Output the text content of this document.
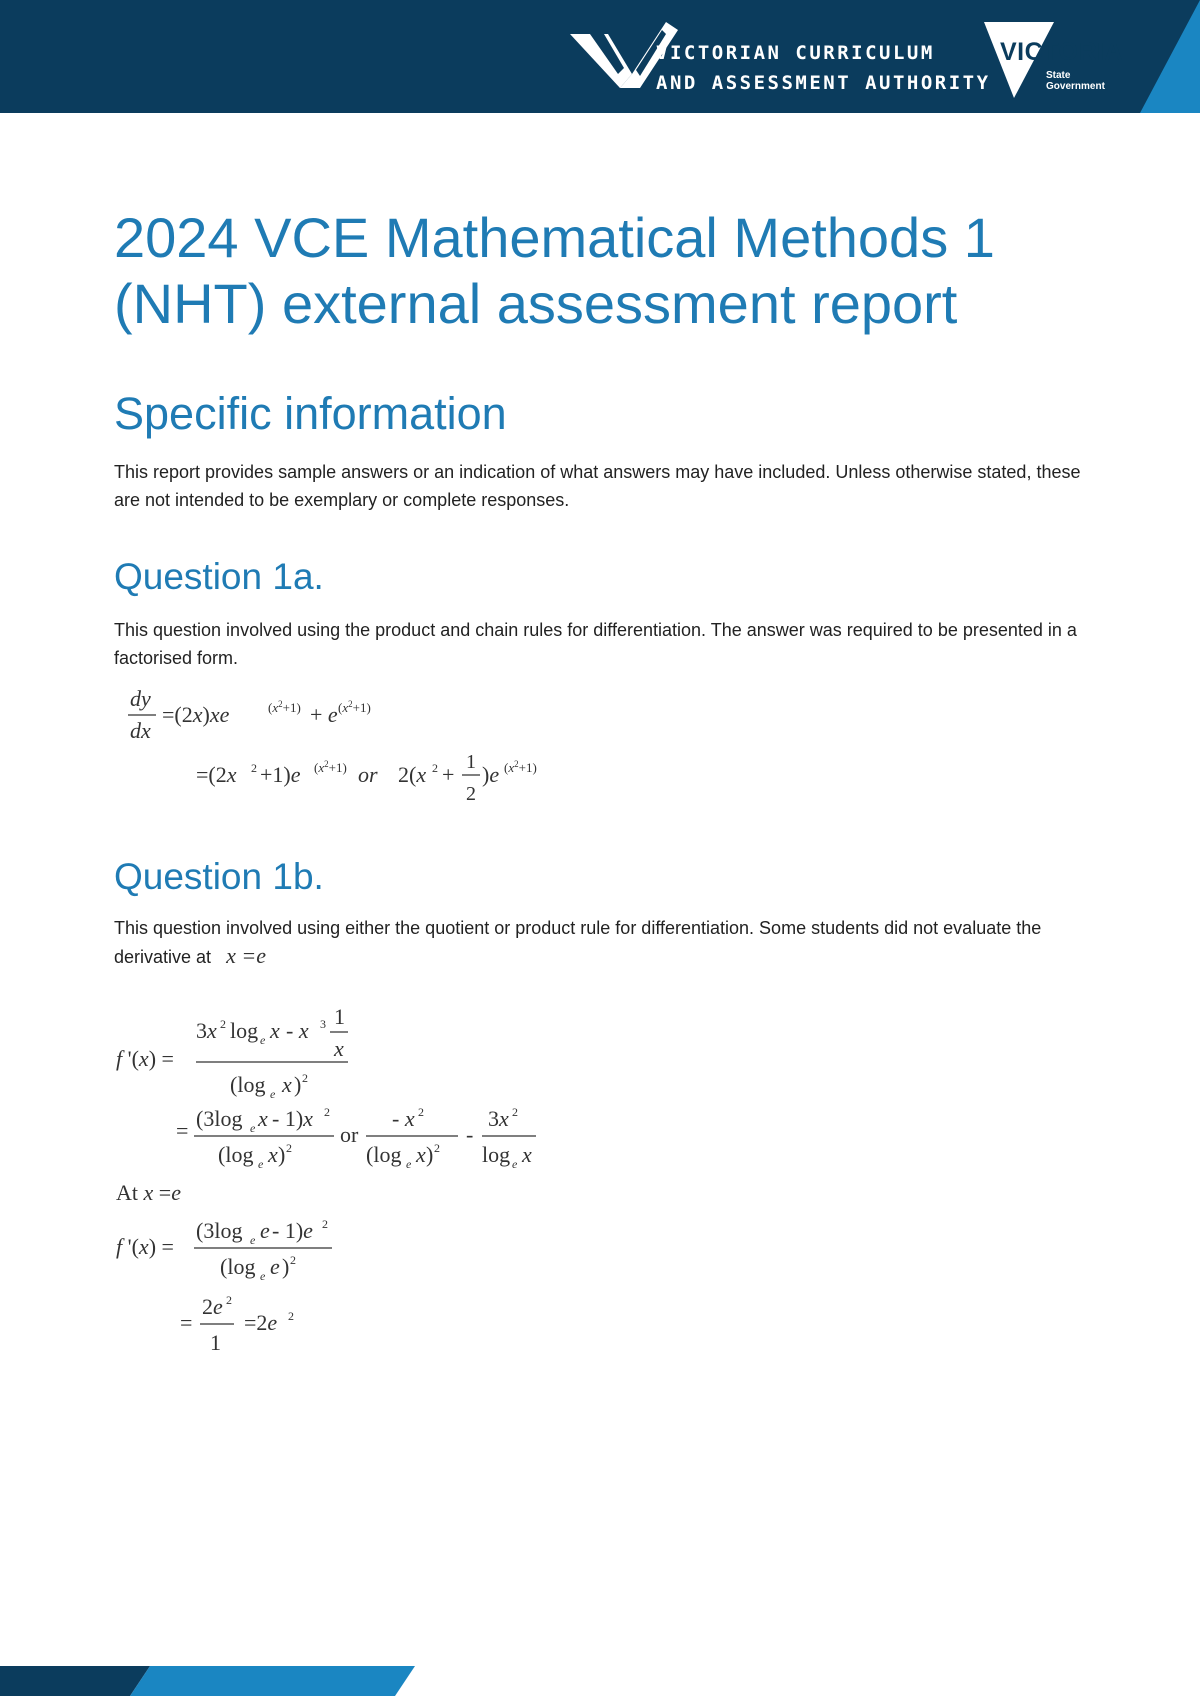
VICTORIAN CURRICULUM
AND ASSESSMENT AUTHORITY
VICTORIA
State
Government
2024 VCE Mathematical Methods 1
(NHT) external assessment report
Specific information
This report provides sample answers or an indication of what answers may have included. Unless otherwise stated, these are not intended to be exemplary or complete responses.
Question 1a.
This question involved using the product and chain rules for differentiation. The answer was required to be presented in a factorised form.
dy
dx
=(2x)xe	$(x^2+1) + e$ $(x^2+1)$
=(2x 2 +1)e $(x^2+1)$ or 2(x 2 + 1
2
)e $(x^2+1)$
Question 1b.
This question involved using either the quotient or product rule for differentiation. Some students did not evaluate the derivative at x =e
f '(x) =
3x 2 log e x - x 3 1
x
(log e x ) 2
= (3log e x - 1)x 2
(log e x ) 2
or
- x 2
(log e x ) 2
-
3x 2
log e x
At x =e
f '(x) =
(3log e e - 1)e 2
(log e e ) 2
=
2e 2
1
=2e 2
